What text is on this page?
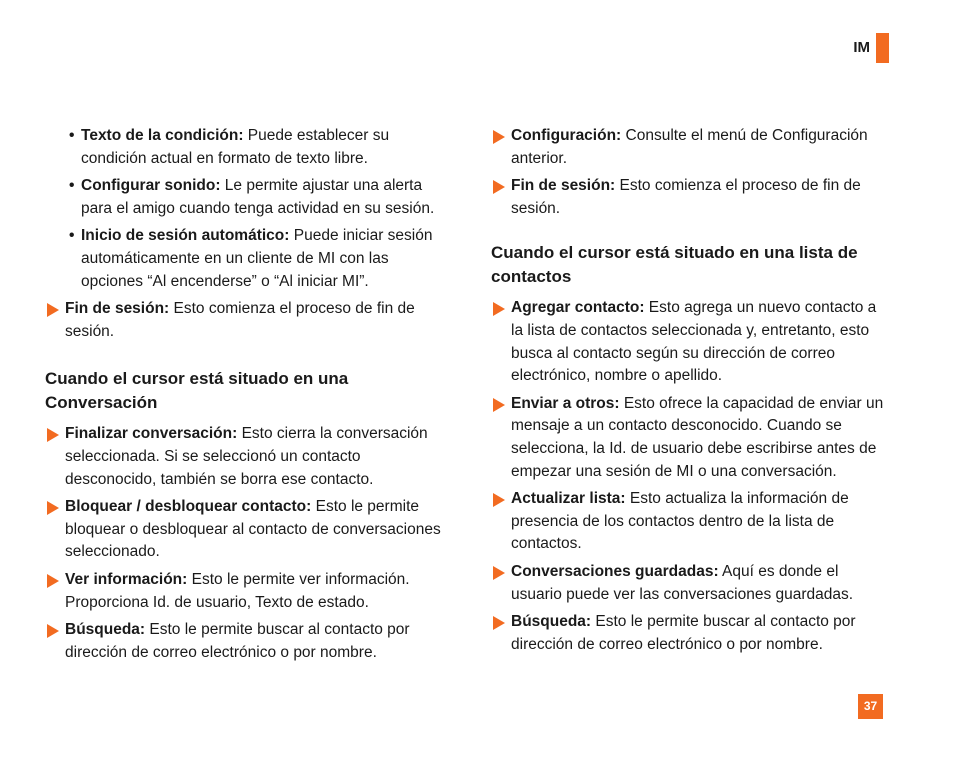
IM
• Texto de la condición: Puede establecer su condición actual en formato de texto libre.
• Configurar sonido: Le permite ajustar una alerta para el amigo cuando tenga actividad en su sesión.
• Inicio de sesión automático: Puede iniciar sesión automáticamente en un cliente de MI con las opciones “Al encenderse” o “Al iniciar MI”.
Fin de sesión: Esto comienza el proceso de fin de sesión.
Cuando el cursor está situado en una Conversación
Finalizar conversación: Esto cierra la conversación seleccionada. Si se seleccionó un contacto desconocido, también se borra ese contacto.
Bloquear / desbloquear contacto: Esto le permite bloquear o desbloquear al contacto de conversaciones seleccionado.
Ver información: Esto le permite ver información. Proporciona Id. de usuario, Texto de estado.
Búsqueda: Esto le permite buscar al contacto por dirección de correo electrónico o por nombre.
Configuración: Consulte el menú de Configuración anterior.
Fin de sesión: Esto comienza el proceso de fin de sesión.
Cuando el cursor está situado en una lista de contactos
Agregar contacto: Esto agrega un nuevo contacto a la lista de contactos seleccionada y, entretanto, esto busca al contacto según su dirección de correo electrónico, nombre o apellido.
Enviar a otros: Esto ofrece la capacidad de enviar un mensaje a un contacto desconocido. Cuando se selecciona, la Id. de usuario debe escribirse antes de empezar una sesión de MI o una conversación.
Actualizar lista: Esto actualiza la información de presencia de los contactos dentro de la lista de contactos.
Conversaciones guardadas: Aquí es donde el usuario puede ver las conversaciones guardadas.
Búsqueda: Esto le permite buscar al contacto por dirección de correo electrónico o por nombre.
37
